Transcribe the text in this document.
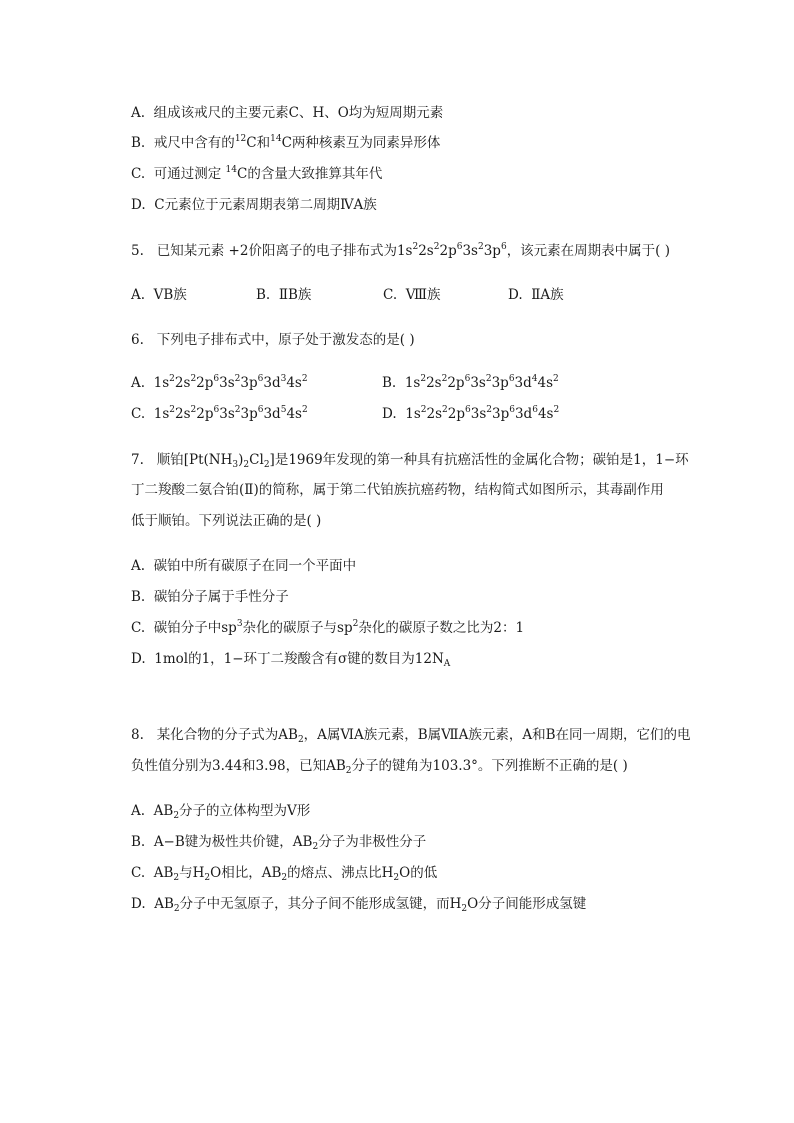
A. 组成该戒尺的主要元素C、H、O均为短周期元素
B. 戒尺中含有的$^{12}$C和$^{14}$C两种核素互为同素异形体
C. 可通过测定 $^{14}$C的含量大致推算其年代
D. C元素位于元素周期表第二周期ⅣA族
5. 已知某元素 +2价阳离子的电子排布式为$1s^22s^22p^63s^23p^6$，该元素在周期表中属于( )
A. ⅤB族	B. ⅡB族	C. Ⅷ族	D. ⅡA族
6. 下列电子排布式中，原子处于激发态的是( )
A. $1s^22s^22p^63s^23p^63d^34s^2$	B. $1s^22s^22p^63s^23p^63d^44s^2$
C. $1s^22s^22p^63s^23p^63d^54s^2$	D. $1s^22s^22p^63s^23p^63d^64s^2$
7. 顺铂$[Pt(NH_3)_2Cl_2]$是1969年发现的第一种具有抗癌活性的金属化合物；碳铂是1，1−环
丁二羧酸二氨合铂(Ⅱ)的简称，属于第二代铂族抗癌药物，结构简式如图所示，其毒副作用
低于顺铂。下列说法正确的是( )
A. 碳铂中所有碳原子在同一个平面中
B. 碳铂分子属于手性分子
C. 碳铂分子中$sp^3$杂化的碳原子与$sp^2$杂化的碳原子数之比为2：1
D. 1mol的1，1−环丁二羧酸含有σ键的数目为$12N_A$
8. 某化合物的分子式为$AB_2$，A属ⅥA族元素，B属ⅦA族元素，A和B在同一周期，它们的电
负性值分别为3.44和3.98，已知$AB_2$分子的键角为103.3°。下列推断不正确的是( )
A. $AB_2$分子的立体构型为V形
B. A−B键为极性共价键，$AB_2$分子为非极性分子
C. $AB_2$与$H_2O$相比，$AB_2$的熔点、沸点比$H_2O$的低
D. $AB_2$分子中无氢原子，其分子间不能形成氢键，而$H_2O$分子间能形成氢键
